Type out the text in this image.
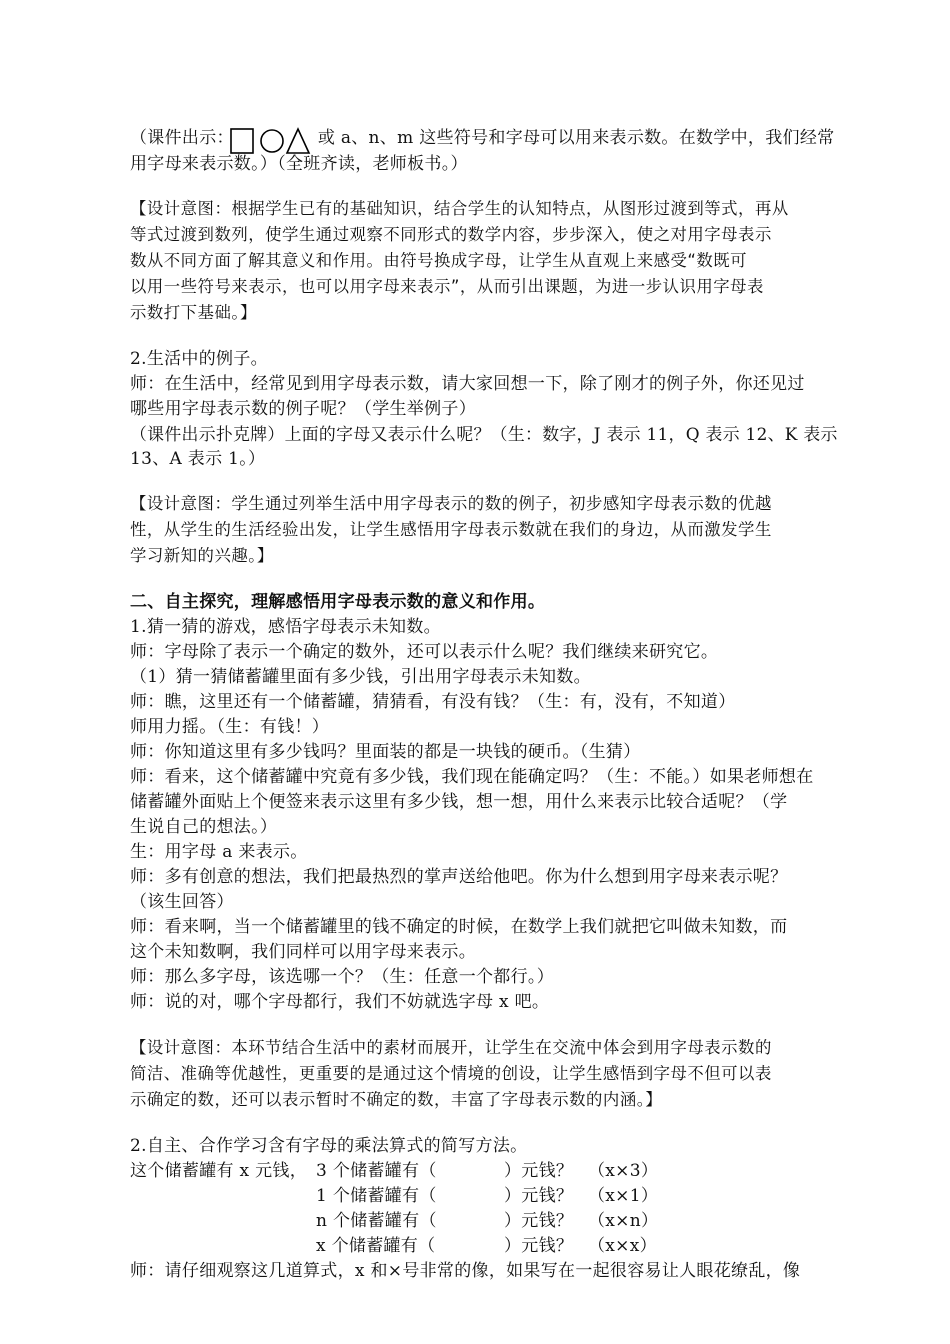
（课件出示：	或 a、n、m 这些符号和字母可以用来表示数。在数学中，我们经常
用字母来表示数。）（全班齐读，老师板书。）
【设计意图：根据学生已有的基础知识，结合学生的认知特点，从图形过渡到等式，再从
等式过渡到数列，使学生通过观察不同形式的数学内容，步步深入，使之对用字母表示
数从不同方面了解其意义和作用。由符号换成字母，让学生从直观上来感受“数既可
以用一些符号来表示，也可以用字母来表示”，从而引出课题，为进一步认识用字母表
示数打下基础。】
2.生活中的例子。
师：在生活中，经常见到用字母表示数，请大家回想一下，除了刚才的例子外，你还见过
哪些用字母表示数的例子呢？（学生举例子）
（课件出示扑克牌）上面的字母又表示什么呢？（生：数字，J 表示 11，Q 表示 12、K 表示
13、A 表示 1。）
【设计意图：学生通过列举生活中用字母表示的数的例子，初步感知字母表示数的优越
性，从学生的生活经验出发，让学生感悟用字母表示数就在我们的身边，从而激发学生
学习新知的兴趣。】
二、自主探究，理解感悟用字母表示数的意义和作用。
1.猜一猜的游戏，感悟字母表示未知数。
师：字母除了表示一个确定的数外，还可以表示什么呢？我们继续来研究它。
（1）猜一猜储蓄罐里面有多少钱，引出用字母表示未知数。
师：瞧，这里还有一个储蓄罐，猜猜看，有没有钱？（生：有，没有，不知道）
师用力摇。（生：有钱！）
师：你知道这里有多少钱吗？里面装的都是一块钱的硬币。（生猜）
师：看来，这个储蓄罐中究竟有多少钱，我们现在能确定吗？（生：不能。）如果老师想在
储蓄罐外面贴上个便签来表示这里有多少钱，想一想，用什么来表示比较合适呢？（学
生说自己的想法。）
生：用字母 a 来表示。
师：多有创意的想法，我们把最热烈的掌声送给他吧。你为什么想到用字母来表示呢？
（该生回答）
师：看来啊，当一个储蓄罐里的钱不确定的时候，在数学上我们就把它叫做未知数，而
这个未知数啊，我们同样可以用字母来表示。
师：那么多字母，该选哪一个？（生：任意一个都行。）
师：说的对，哪个字母都行，我们不妨就选字母 x 吧。
【设计意图：本环节结合生活中的素材而展开，让学生在交流中体会到用字母表示数的
简洁、准确等优越性，更重要的是通过这个情境的创设，让学生感悟到字母不但可以表
示确定的数，还可以表示暂时不确定的数，丰富了字母表示数的内涵。】
2.自主、合作学习含有字母的乘法算式的简写方法。
这个储蓄罐有 x 元钱， 3 个储蓄罐有（	）元钱？ （x×3）
1 个储蓄罐有（	）元钱？ （x×1）
n 个储蓄罐有（	）元钱？ （x×n）
x 个储蓄罐有（	）元钱？ （x×x）
师：请仔细观察这几道算式，x 和×号非常的像，如果写在一起很容易让人眼花缭乱，像
